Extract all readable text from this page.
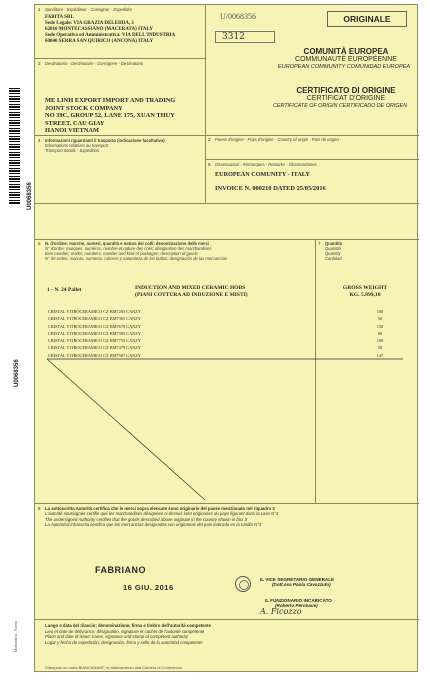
U0068356
U0068356
Modulistica - Roma
1 Speditore - Expéditeur - Consignor - Expedidor
FABITA SRL
Sede Legale: VIA GRAZIA DELEDDA, 3
62010 MONTECASSIANO (MACERATA) ITALY
Sede Operativa ed Amministrativa: VIA DELL'INDUSTRIA
60040 SERRA SAN QUIRICO (ANCONA) ITALY
2 Destinatario - Destinataire - Consignee - Destinatario
ME LINH EXPORT IMPORT AND TRADING
JOINT STOCK COMPANY
NO 39C, GROUP 52, LANE 175, XUAN THUY
STREET, CAU GIAY
HANOI VIETNAM
U/0068356	ORIGINALE
3312
COMUNITÀ EUROPEA
COMMUNAUTÉ EUROPÉENNE
EUROPEAN COMMUNITY COMUNIDAD EUROPEA
CERTIFICATO DI ORIGINE
CERTIFICAT D'ORIGINE
CERTIFICATE OF ORIGIN CERTIFICADO DE ORIGEN
3 Paese d'origine - Pays d'origine - Country of origin - País de origen
4 Informazioni riguardanti il trasporto (indicazione facoltativa)
Informations relatives au transport
Transport details - Expedition
5 Osservazioni - Remarques - Remarks - Observaciones
EUROPEAN COMUNITY - ITALY
INVOICE N. 000210 DATED 25/05/2016
6 N. d'ordine; marche, numeri, quantità e natura dei colli; denominazione delle merci
N° d'ordre; marques, numéros, nombre et nature des colis; désignation des marchandises
Item number; marks, numbers, number and kind of packages; description of goods
N° de orden; marcas, numeros, número y naturaleza de los bultos; designación de las mercancías
7 Quantità
Quantité
Quantity
Cantidad
1 - N. 24 Pallet	INDUCTION AND MIXED CERAMIC HOBS
(PIANI COTTURA AD INDUZIONE E MISTI)
GROSS WEIGHT
KG. 5.899,10
CRISTAL VITROCERAMICO CZ BM7283 CANZY
CRISTAL VITROCERAMICO CZ BM7365 CANZY
CRISTAL VITROCERAMICO CZ BM7670 CANZY
CRISTAL VITROCERAMICO CZ BM7385 CANZY
CRISTAL VITROCERAMICO CZ BM7755 CANZY
CRISTAL VITROCERAMICO CZ BM7479 CANZY
CRISTAL VITROCERAMICO CZ BM7587 CANZY
100
50
150
80
100
50
147
8 La sottoscritta Autorità certifica che le merci sopra elencate sono originarie del paese menzionato nel riquadro 3
L'autorité soussignée certifie que les marchandises désignées ci-dessus sont originaires du pays figurant dans la case N°3
The undersigned Authority certifies that the goods described above originate in the country shown in box 3
La Autoridad infrascrita certifica que las mercancías designadas son originarias del país indicado en la casilla N°3
FABRIANO
16 GIU. 2016
IL VICE SEGRETARIO GENERALE
(Dott.ssa Paola Cavazzuto)
IL FUNZIONARIO INCARICATO
(Roberto Peronace)
A. Ficozzo
Luogo e data del rilascio; denominazione, firma e timbro dell'autorità competente
Lieu et date de délivrance; désignation, signature et cachet de l'autorité compétente
Place and date of issue; name, signature and stamp of competent authority
Lugar y fecha de expedición; designación, firma y sello de la autoridad competente
Stampato su carta BIANCANAVE; in abbinamento alla Camera di Commercio
